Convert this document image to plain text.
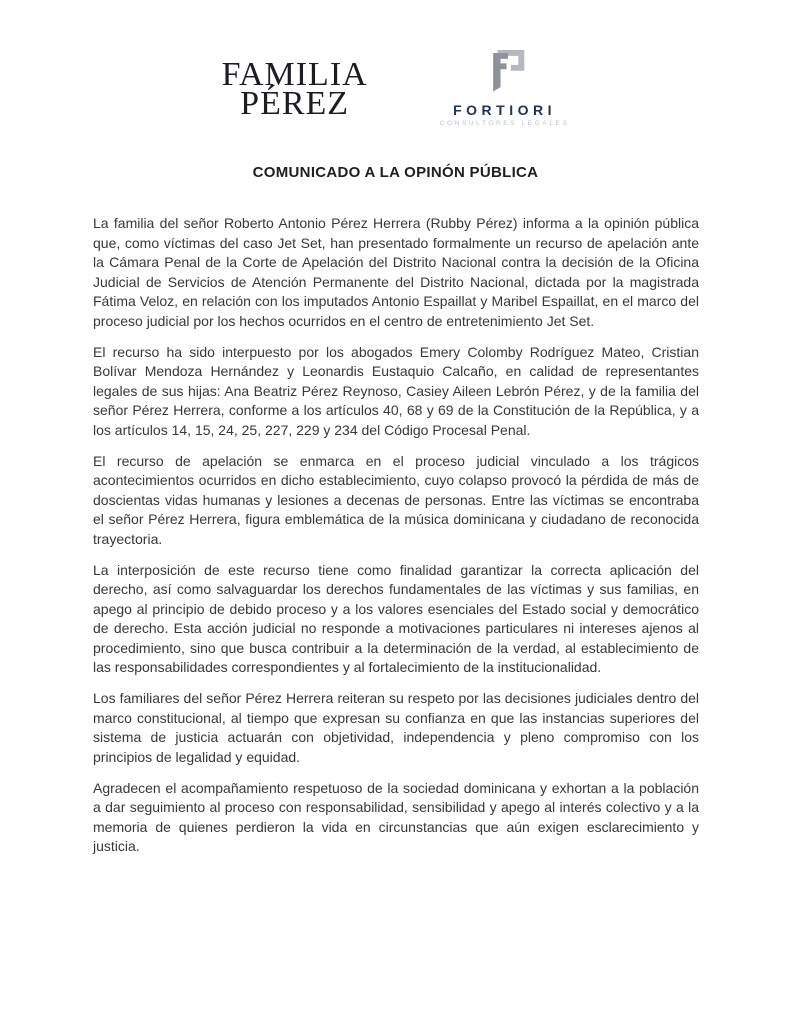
FAMILIA
PÉREZ	FORTIORI
CONSULTORES LEGALES
COMUNICADO A LA OPINÓN PÚBLICA

La familia del señor Roberto Antonio Pérez Herrera (Rubby Pérez) informa a la opinión pública que, como víctimas del caso Jet Set, han presentado formalmente un recurso de apelación ante la Cámara Penal de la Corte de Apelación del Distrito Nacional contra la decisión de la Oficina Judicial de Servicios de Atención Permanente del Distrito Nacional, dictada por la magistrada Fátima Veloz, en relación con los imputados Antonio Espaillat y Maribel Espaillat, en el marco del proceso judicial por los hechos ocurridos en el centro de entretenimiento Jet Set.

El recurso ha sido interpuesto por los abogados Emery Colomby Rodríguez Mateo, Cristian Bolívar Mendoza Hernández y Leonardis Eustaquio Calcaño, en calidad de representantes legales de sus hijas: Ana Beatriz Pérez Reynoso, Casiey Aileen Lebrón Pérez, y de la familia del señor Pérez Herrera, conforme a los artículos 40, 68 y 69 de la Constitución de la República, y a los artículos 14, 15, 24, 25, 227, 229 y 234 del Código Procesal Penal.

El recurso de apelación se enmarca en el proceso judicial vinculado a los trágicos acontecimientos ocurridos en dicho establecimiento, cuyo colapso provocó la pérdida de más de doscientas vidas humanas y lesiones a decenas de personas. Entre las víctimas se encontraba el señor Pérez Herrera, figura emblemática de la música dominicana y ciudadano de reconocida trayectoria.

La interposición de este recurso tiene como finalidad garantizar la correcta aplicación del derecho, así como salvaguardar los derechos fundamentales de las víctimas y sus familias, en apego al principio de debido proceso y a los valores esenciales del Estado social y democrático de derecho. Esta acción judicial no responde a motivaciones particulares ni intereses ajenos al procedimiento, sino que busca contribuir a la determinación de la verdad, al establecimiento de las responsabilidades correspondientes y al fortalecimiento de la institucionalidad.

Los familiares del señor Pérez Herrera reiteran su respeto por las decisiones judiciales dentro del marco constitucional, al tiempo que expresan su confianza en que las instancias superiores del sistema de justicia actuarán con objetividad, independencia y pleno compromiso con los principios de legalidad y equidad.

Agradecen el acompañamiento respetuoso de la sociedad dominicana y exhortan a la población a dar seguimiento al proceso con responsabilidad, sensibilidad y apego al interés colectivo y a la memoria de quienes perdieron la vida en circunstancias que aún exigen esclarecimiento y justicia.
